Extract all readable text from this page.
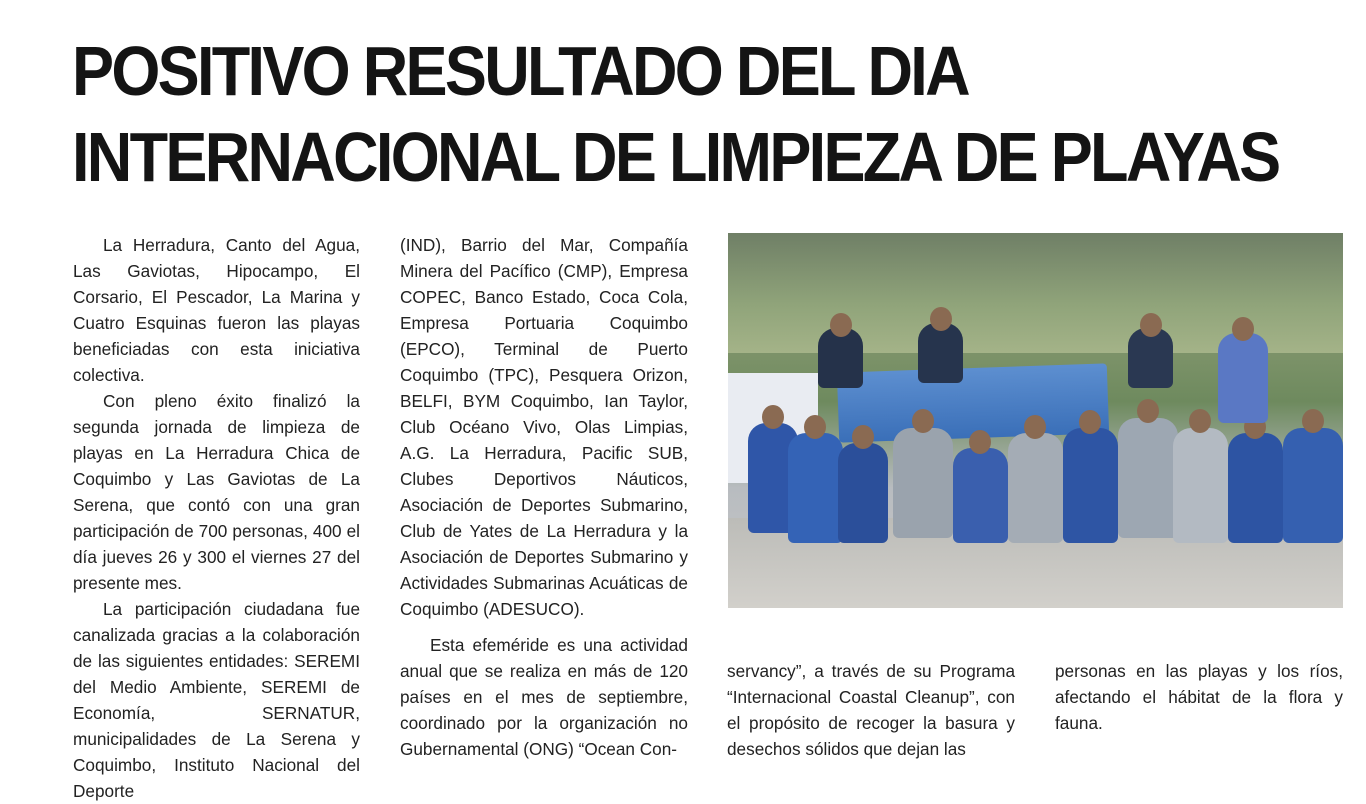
POSITIVO RESULTADO DEL DIA
INTERNACIONAL DE LIMPIEZA DE PLAYAS

La Herradura, Canto del Agua, Las Gaviotas, Hipocampo, El Corsario, El Pescador, La Marina y Cuatro Esquinas fueron las playas beneficiadas con esta iniciativa colectiva.

Con pleno éxito finalizó la segunda jornada de limpieza de playas en La Herradura Chica de Coquimbo y Las Gaviotas de La Serena, que contó con una gran participación de 700 personas, 400 el día jueves 26 y 300 el viernes 27 del presente mes.

La participación ciudadana fue canalizada gracias a la colaboración de las siguientes entidades: SEREMI del Medio Ambiente, SEREMI de Economía, SERNATUR, municipalidades de La Serena y Coquimbo, Instituto Nacional del Deporte

(IND), Barrio del Mar, Compañía Minera del Pacífico (CMP), Empresa COPEC, Banco Estado, Coca Cola, Empresa Portuaria Coquimbo (EPCO), Terminal de Puerto Coquimbo (TPC), Pesquera Orizon, BELFI, BYM Coquimbo, Ian Taylor, Club Océano Vivo, Olas Limpias, A.G. La Herradura, Pacific SUB, Clubes Deportivos Náuticos, Asociación de Deportes Submarino, Club de Yates de La Herradura y la Asociación de Deportes Submarino y Actividades Submarinas Acuáticas de Coquimbo (ADESUCO).

Esta efeméride es una actividad anual que se realiza en más de 120 países en el mes de septiembre, coordinado por la organización no Gubernamental (ONG) “Ocean Con-

servancy”, a través de su Programa “Internacional Coastal Cleanup”, con el propósito de recoger la basura y desechos sólidos que dejan las

personas en las playas y los ríos, afectando el hábitat de la flora y fauna.
